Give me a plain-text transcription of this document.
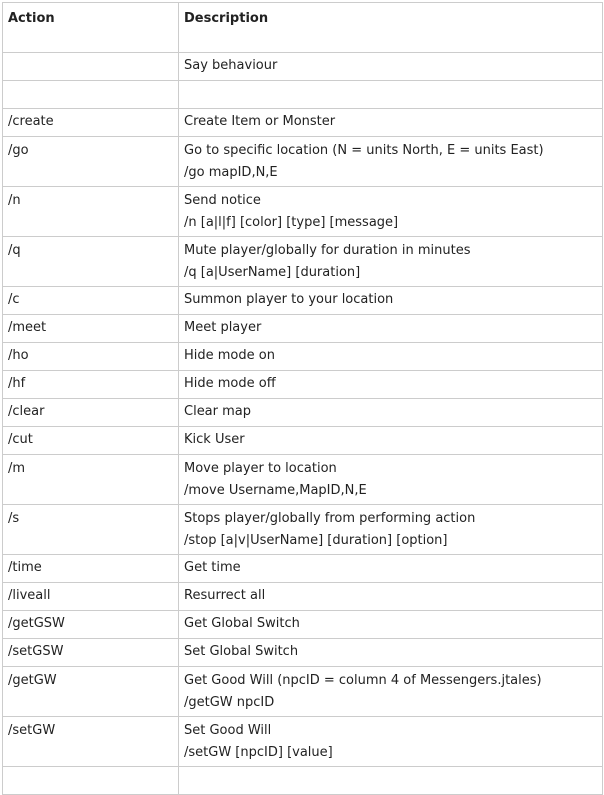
Action	Description

	Say behaviour

/create	Create Item or Monster

/go	Go to specific location (N = units North, E = units East)
/go mapID,N,E

/n	Send notice
/n [a|l|f] [color] [type] [message]

/q	Mute player/globally for duration in minutes
/q [a|UserName] [duration]

/c	Summon player to your location

/meet	Meet player

/ho	Hide mode on

/hf	Hide mode off

/clear	Clear map

/cut	Kick User

/m	Move player to location
/move Username,MapID,N,E

/s	Stops player/globally from performing action
/stop [a|v|UserName] [duration] [option]

/time	Get time

/liveall	Resurrect all

/getGSW	Get Global Switch

/setGSW	Set Global Switch

/getGW	Get Good Will (npcID = column 4 of Messengers.jtales)
/getGW npcID

/setGW	Set Good Will
/setGW [npcID] [value]
